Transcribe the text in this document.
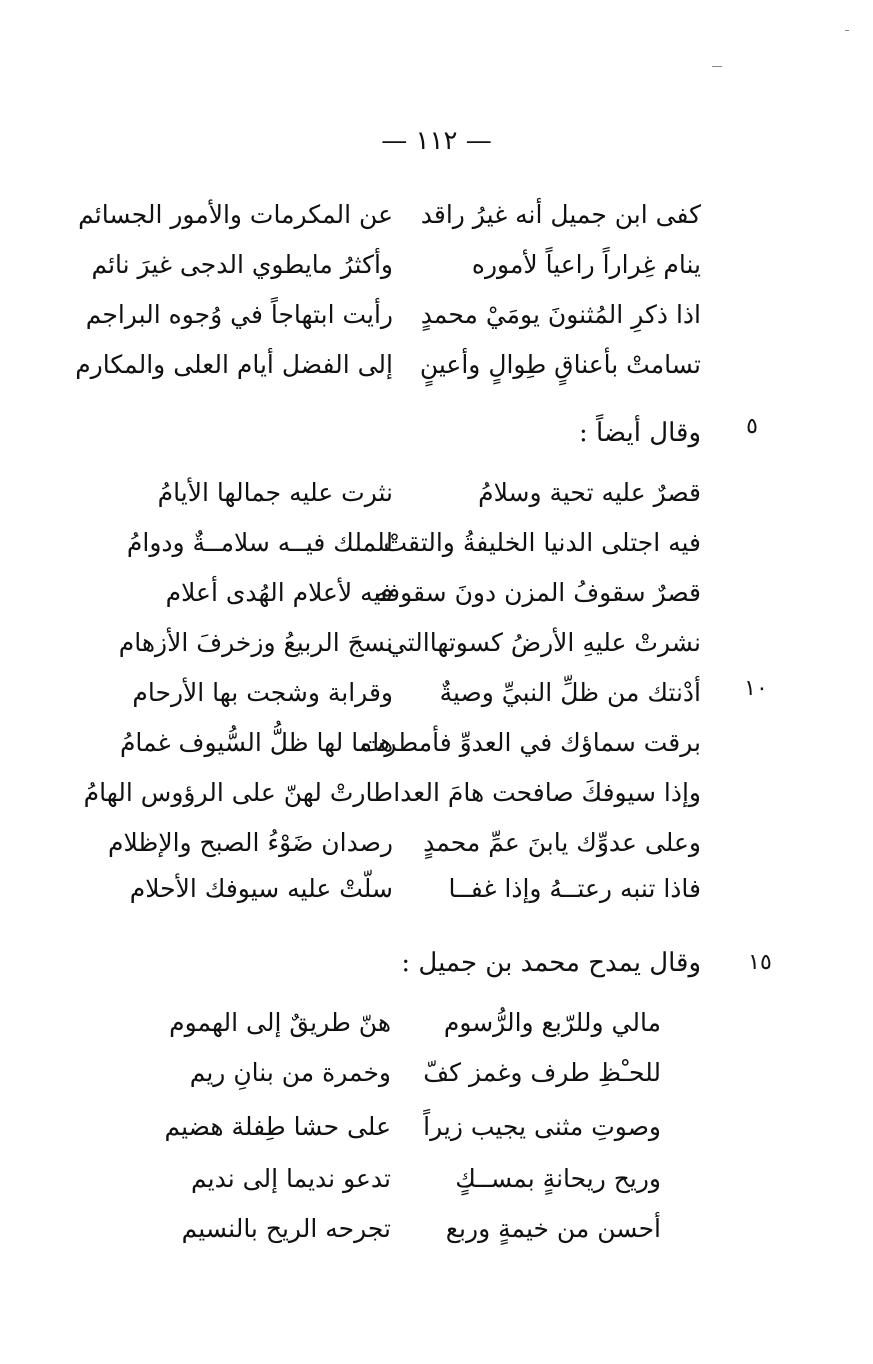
— ١١٢ —
كفى ابن جميل أنه غيرُ راقد
عن المكرمات والأمور الجسائم
ينام غِراراً راعياً لأموره
وأكثرُ مايطوي الدجى غيرَ نائم
اذا ذكرِ المُثنونَ يومَيْ محمدٍ
رأيت ابتهاجاً في وُجوه البراجم
تسامتْ بأعناقٍ طِوالٍ وأعينٍ
إلى الفضل أيام العلى والمكارم
٥
وقال أيضاً :
قصرٌ عليه تحية وسلامُ
نثرت عليه جمالها الأيامُ
فيه اجتلى الدنيا الخليفةُ والتقتْ
للملك فيــه سلامــةٌ ودوامُ
قصرٌ سقوفُ المزن دونَ سقوفه
فيه لأعلام الهُدى أعلام
نشرتْ عليهِ الأرضُ كسوتهاالتي
نسجَ الربيعُ وزخرفَ الأزهام
١٠
أدْنتك من ظلِّ النبيِّ وصيةٌ
وقرابة وشجت بها الأرحام
برقت سماؤك في العدوِّ فأمطرت
هاما لها ظلُّ السُّيوف غمامُ
وإذا سيوفكَ صافحت هامَ العدا
طارتْ لهنّ على الرؤوس الهامُ
وعلى عدوِّك يابنَ عمِّ محمدٍ
رصدان ضَوْءُ الصبح والإظلام
فاذا تنبه رعتــهُ وإذا غفــا
سلّتْ عليه سيوفك الأحلام
١٥
وقال يمدح محمد بن جميل :
مالي وللرّبع والرُّسوم
هنّ طريقٌ إلى الهموم
للحـْظِ طرف وغمز كفّ
وخمرة من بنانِ ريم
وصوتِ مثنى يجيب زيراً
على حشا طِفلة هضيم
وريح ريحانةٍ بمســكٍ
تدعو نديما إلى نديم
أحسن من خيمةٍ وربع
تجرحه الريح بالنسيم
